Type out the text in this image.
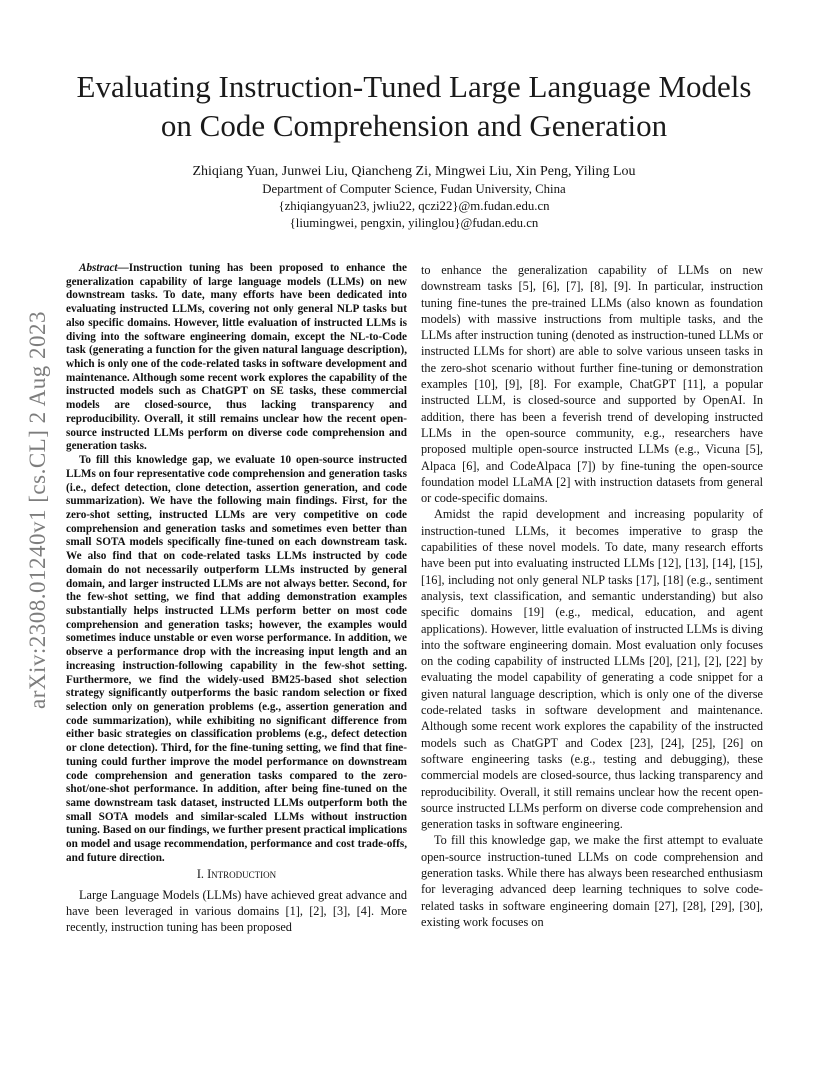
arXiv:2308.01240v1 [cs.CL] 2 Aug 2023
Evaluating Instruction-Tuned Large Language Models on Code Comprehension and Generation
Zhiqiang Yuan, Junwei Liu, Qiancheng Zi, Mingwei Liu, Xin Peng, Yiling Lou
Department of Computer Science, Fudan University, China
{zhiqiangyuan23, jwliu22, qczi22}@m.fudan.edu.cn
{liumingwei, pengxin, yilinglou}@fudan.edu.cn

Abstract—Instruction tuning has been proposed to enhance the generalization capability of large language models (LLMs) on new downstream tasks. To date, many efforts have been dedicated into evaluating instructed LLMs, covering not only general NLP tasks but also specific domains. However, little evaluation of instructed LLMs is diving into the software engineering domain, except the NL-to-Code task (generating a function for the given natural language description), which is only one of the code-related tasks in software development and maintenance. Although some recent work explores the capability of the instructed models such as ChatGPT on SE tasks, these commercial models are closed-source, thus lacking transparency and reproducibility. Overall, it still remains unclear how the recent open-source instructed LLMs perform on diverse code comprehension and generation tasks.

To fill this knowledge gap, we evaluate 10 open-source instructed LLMs on four representative code comprehension and generation tasks (i.e., defect detection, clone detection, assertion generation, and code summarization). We have the following main findings. First, for the zero-shot setting, instructed LLMs are very competitive on code comprehension and generation tasks and sometimes even better than small SOTA models specifically fine-tuned on each downstream task. We also find that on code-related tasks LLMs instructed by code domain do not necessarily outperform LLMs instructed by general domain, and larger instructed LLMs are not always better. Second, for the few-shot setting, we find that adding demonstration examples substantially helps instructed LLMs perform better on most code comprehension and generation tasks; however, the examples would sometimes induce unstable or even worse performance. In addition, we observe a performance drop with the increasing input length and an increasing instruction-following capability in the few-shot setting. Furthermore, we find the widely-used BM25-based shot selection strategy significantly outperforms the basic random selection or fixed selection only on generation problems (e.g., assertion generation and code summarization), while exhibiting no significant difference from either basic strategies on classification problems (e.g., defect detection or clone detection). Third, for the fine-tuning setting, we find that fine-tuning could further improve the model performance on downstream code comprehension and generation tasks compared to the zero-shot/one-shot performance. In addition, after being fine-tuned on the same downstream task dataset, instructed LLMs outperform both the small SOTA models and similar-scaled LLMs without instruction tuning. Based on our findings, we further present practical implications on model and usage recommendation, performance and cost trade-offs, and future direction.

I. Introduction

Large Language Models (LLMs) have achieved great advance and have been leveraged in various domains [1], [2], [3], [4]. More recently, instruction tuning has been proposed

to enhance the generalization capability of LLMs on new downstream tasks [5], [6], [7], [8], [9]. In particular, instruction tuning fine-tunes the pre-trained LLMs (also known as foundation models) with massive instructions from multiple tasks, and the LLMs after instruction tuning (denoted as instruction-tuned LLMs or instructed LLMs for short) are able to solve various unseen tasks in the zero-shot scenario without further fine-tuning or demonstration examples [10], [9], [8]. For example, ChatGPT [11], a popular instructed LLM, is closed-source and supported by OpenAI. In addition, there has been a feverish trend of developing instructed LLMs in the open-source community, e.g., researchers have proposed multiple open-source instructed LLMs (e.g., Vicuna [5], Alpaca [6], and CodeAlpaca [7]) by fine-tuning the open-source foundation model LLaMA [2] with instruction datasets from general or code-specific domains.

Amidst the rapid development and increasing popularity of instruction-tuned LLMs, it becomes imperative to grasp the capabilities of these novel models. To date, many research efforts have been put into evaluating instructed LLMs [12], [13], [14], [15], [16], including not only general NLP tasks [17], [18] (e.g., sentiment analysis, text classification, and semantic understanding) but also specific domains [19] (e.g., medical, education, and agent applications). However, little evaluation of instructed LLMs is diving into the software engineering domain. Most evaluation only focuses on the coding capability of instructed LLMs [20], [21], [2], [22] by evaluating the model capability of generating a code snippet for a given natural language description, which is only one of the diverse code-related tasks in software development and maintenance. Although some recent work explores the capability of the instructed models such as ChatGPT and Codex [23], [24], [25], [26] on software engineering tasks (e.g., testing and debugging), these commercial models are closed-source, thus lacking transparency and reproducibility. Overall, it still remains unclear how the recent open-source instructed LLMs perform on diverse code comprehension and generation tasks in software engineering.

To fill this knowledge gap, we make the first attempt to evaluate open-source instruction-tuned LLMs on code comprehension and generation tasks. While there has always been researched enthusiasm for leveraging advanced deep learning techniques to solve code-related tasks in software engineering domain [27], [28], [29], [30], existing work focuses on
